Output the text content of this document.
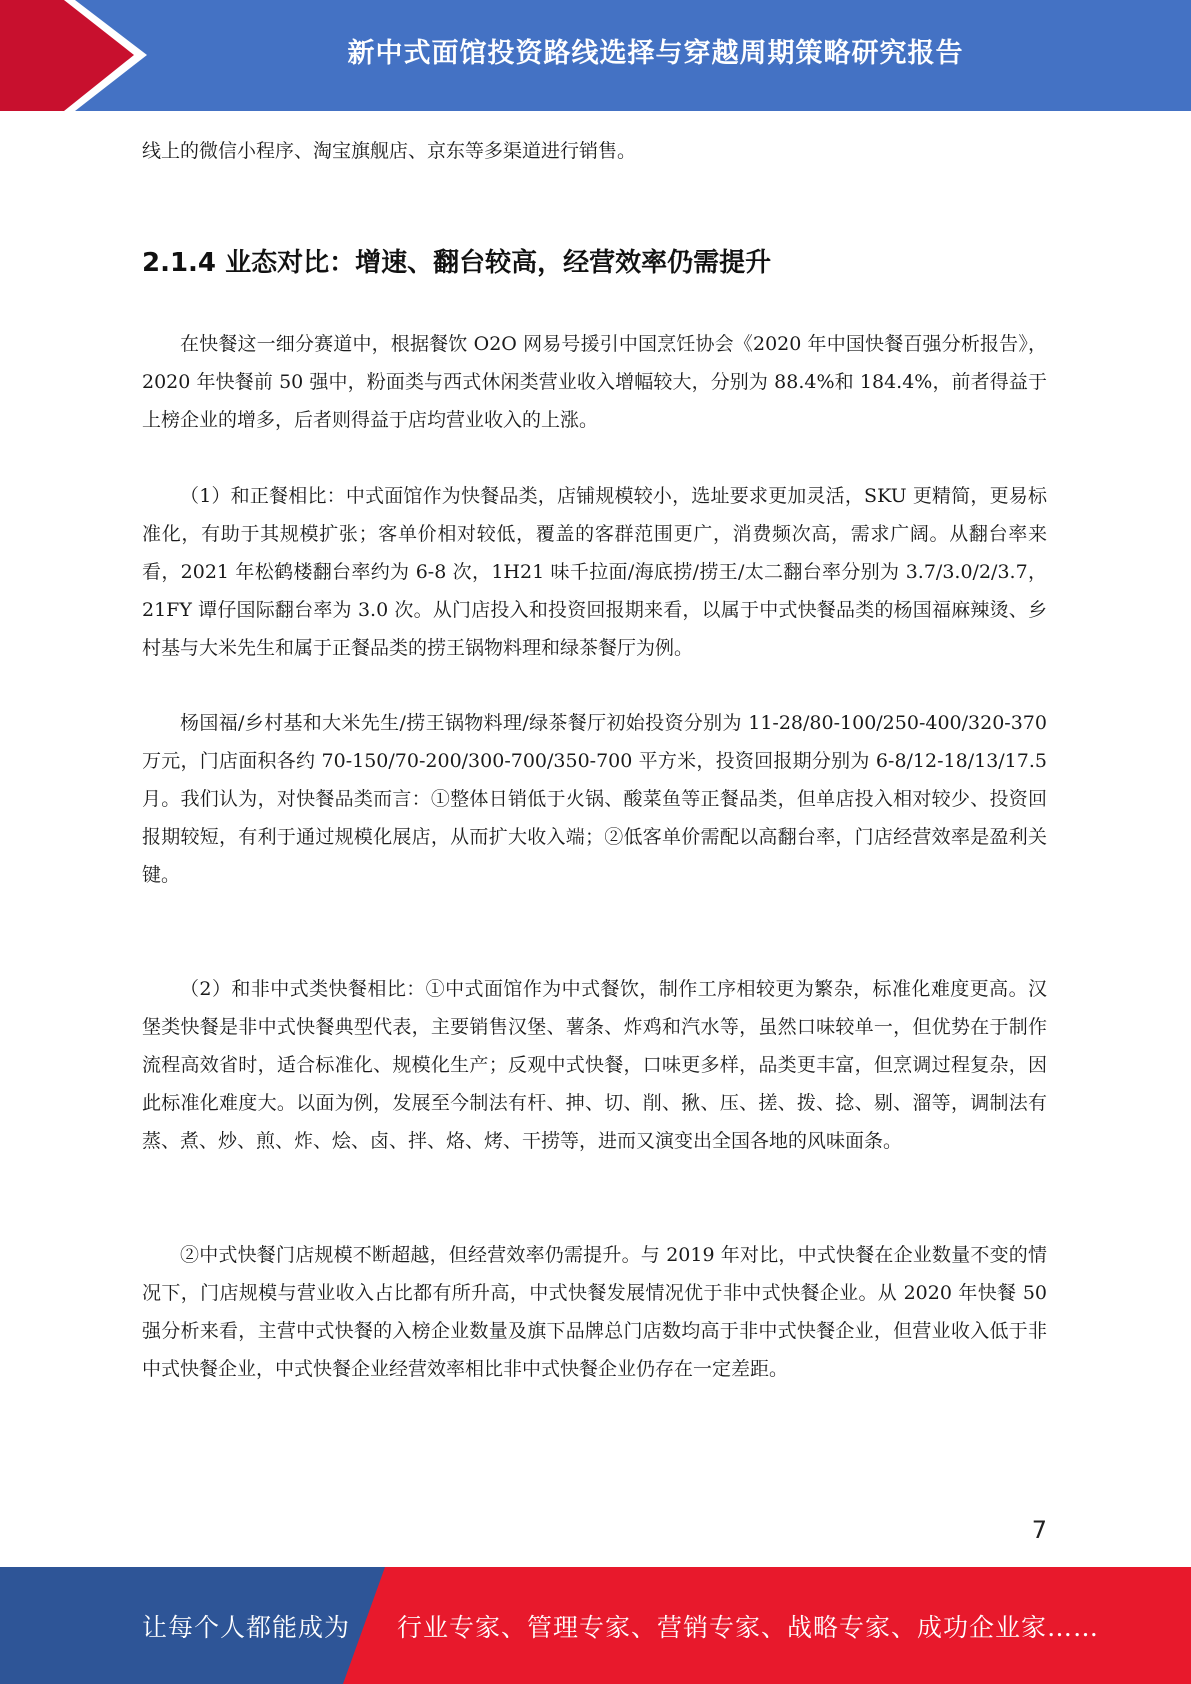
新中式面馆投资路线选择与穿越周期策略研究报告

线上的微信小程序、淘宝旗舰店、京东等多渠道进行销售。

2.1.4 业态对比：增速、翻台较高，经营效率仍需提升

在快餐这一细分赛道中，根据餐饮 O2O 网易号援引中国烹饪协会《2020 年中国快餐百强分析报告》，2020 年快餐前 50 强中，粉面类与西式休闲类营业收入增幅较大，分别为 88.4%和 184.4%，前者得益于上榜企业的增多，后者则得益于店均营业收入的上涨。

（1）和正餐相比：中式面馆作为快餐品类，店铺规模较小，选址要求更加灵活，SKU 更精简，更易标准化，有助于其规模扩张；客单价相对较低，覆盖的客群范围更广，消费频次高，需求广阔。从翻台率来看，2021 年松鹤楼翻台率约为 6-8 次，1H21 味千拉面/海底捞/捞王/太二翻台率分别为 3.7/3.0/2/3.7，21FY 谭仔国际翻台率为 3.0 次。从门店投入和投资回报期来看，以属于中式快餐品类的杨国福麻辣烫、乡村基与大米先生和属于正餐品类的捞王锅物料理和绿茶餐厅为例。

杨国福/乡村基和大米先生/捞王锅物料理/绿茶餐厅初始投资分别为 11-28/80-100/250-400/320-370 万元，门店面积各约 70-150/70-200/300-700/350-700 平方米，投资回报期分别为 6-8/12-18/13/17.5 月。我们认为，对快餐品类而言：①整体日销低于火锅、酸菜鱼等正餐品类，但单店投入相对较少、投资回报期较短，有利于通过规模化展店，从而扩大收入端；②低客单价需配以高翻台率，门店经营效率是盈利关键。

（2）和非中式类快餐相比：①中式面馆作为中式餐饮，制作工序相较更为繁杂，标准化难度更高。汉堡类快餐是非中式快餐典型代表，主要销售汉堡、薯条、炸鸡和汽水等，虽然口味较单一，但优势在于制作流程高效省时，适合标准化、规模化生产；反观中式快餐，口味更多样，品类更丰富，但烹调过程复杂，因此标准化难度大。以面为例，发展至今制法有杆、抻、切、削、揪、压、搓、拨、捻、剔、溜等，调制法有蒸、煮、炒、煎、炸、烩、卤、拌、烙、烤、干捞等，进而又演变出全国各地的风味面条。

②中式快餐门店规模不断超越，但经营效率仍需提升。与 2019 年对比，中式快餐在企业数量不变的情况下，门店规模与营业收入占比都有所升高，中式快餐发展情况优于非中式快餐企业。从 2020 年快餐 50 强分析来看，主营中式快餐的入榜企业数量及旗下品牌总门店数均高于非中式快餐企业，但营业收入低于非中式快餐企业，中式快餐企业经营效率相比非中式快餐企业仍存在一定差距。

7
让每个人都能成为 行业专家、管理专家、营销专家、战略专家、成功企业家……
